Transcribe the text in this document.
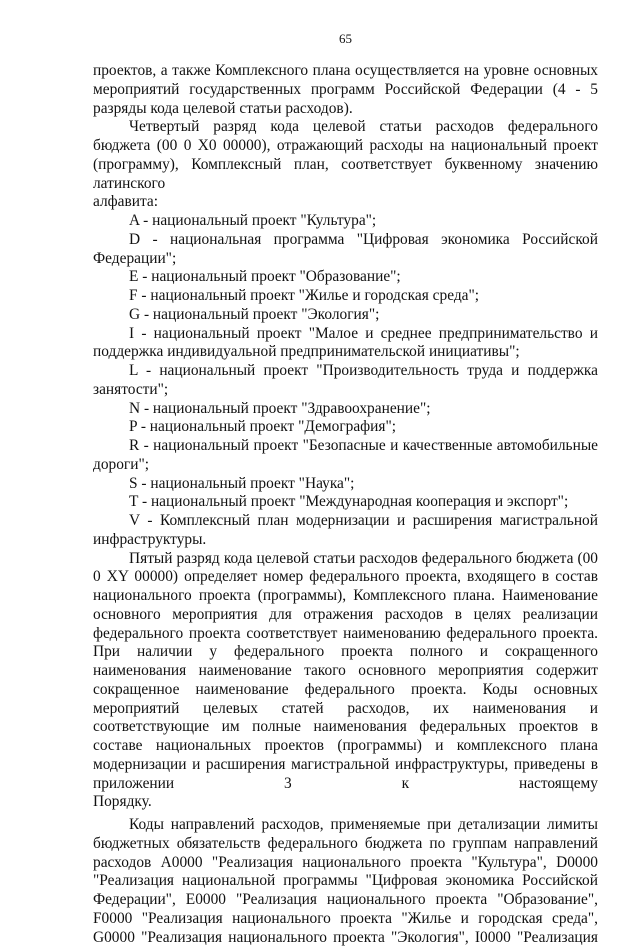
65

проектов, а также Комплексного плана осуществляется на уровне основных мероприятий государственных программ Российской Федерации (4 - 5

разряды кода целевой статьи расходов).

Четвертый разряд кода целевой статьи расходов федерального бюджета (00 0 X0 00000), отражающий расходы на национальный проект (программу), Комплексный план, соответствует буквенному значению латинского

алфавита:

A - национальный проект "Культура";

D - национальная программа "Цифровая экономика Российской

Федерации";

E - национальный проект "Образование";

F - национальный проект "Жилье и городская среда";

G - национальный проект "Экология";

I - национальный проект "Малое и среднее предпринимательство и

поддержка индивидуальной предпринимательской инициативы";

L - национальный проект "Производительность труда и поддержка

занятости";

N - национальный проект "Здравоохранение";

P - национальный проект "Демография";

R - национальный проект "Безопасные и качественные автомобильные

дороги";

S - национальный проект "Наука";

T - национальный проект "Международная кооперация и экспорт";

V - Комплексный план модернизации и расширения магистральной

инфраструктуры.

Пятый разряд кода целевой статьи расходов федерального бюджета (00 0 XY 00000) определяет номер федерального проекта, входящего в состав национального проекта (программы), Комплексного плана. Наименование основного мероприятия для отражения расходов в целях реализации федерального проекта соответствует наименованию федерального проекта. При наличии у федерального проекта полного и сокращенного наименования наименование такого основного мероприятия содержит сокращенное наименование федерального проекта. Коды основных мероприятий целевых статей расходов, их наименования и соответствующие им полные наименования федеральных проектов в составе национальных проектов (программы) и комплексного плана модернизации и расширения магистральной инфраструктуры, приведены в приложении 3 к настоящему

Порядку.

Коды направлений расходов, применяемые при детализации лимиты бюджетных обязательств федерального бюджета по группам направлений расходов A0000 "Реализация национального проекта "Культура", D0000 "Реализация национальной программы "Цифровая экономика Российской Федерации", E0000 "Реализация национального проекта "Образование", F0000 "Реализация национального проекта "Жилье и городская среда", G0000 "Реализация национального проекта "Экология", I0000 "Реализация
